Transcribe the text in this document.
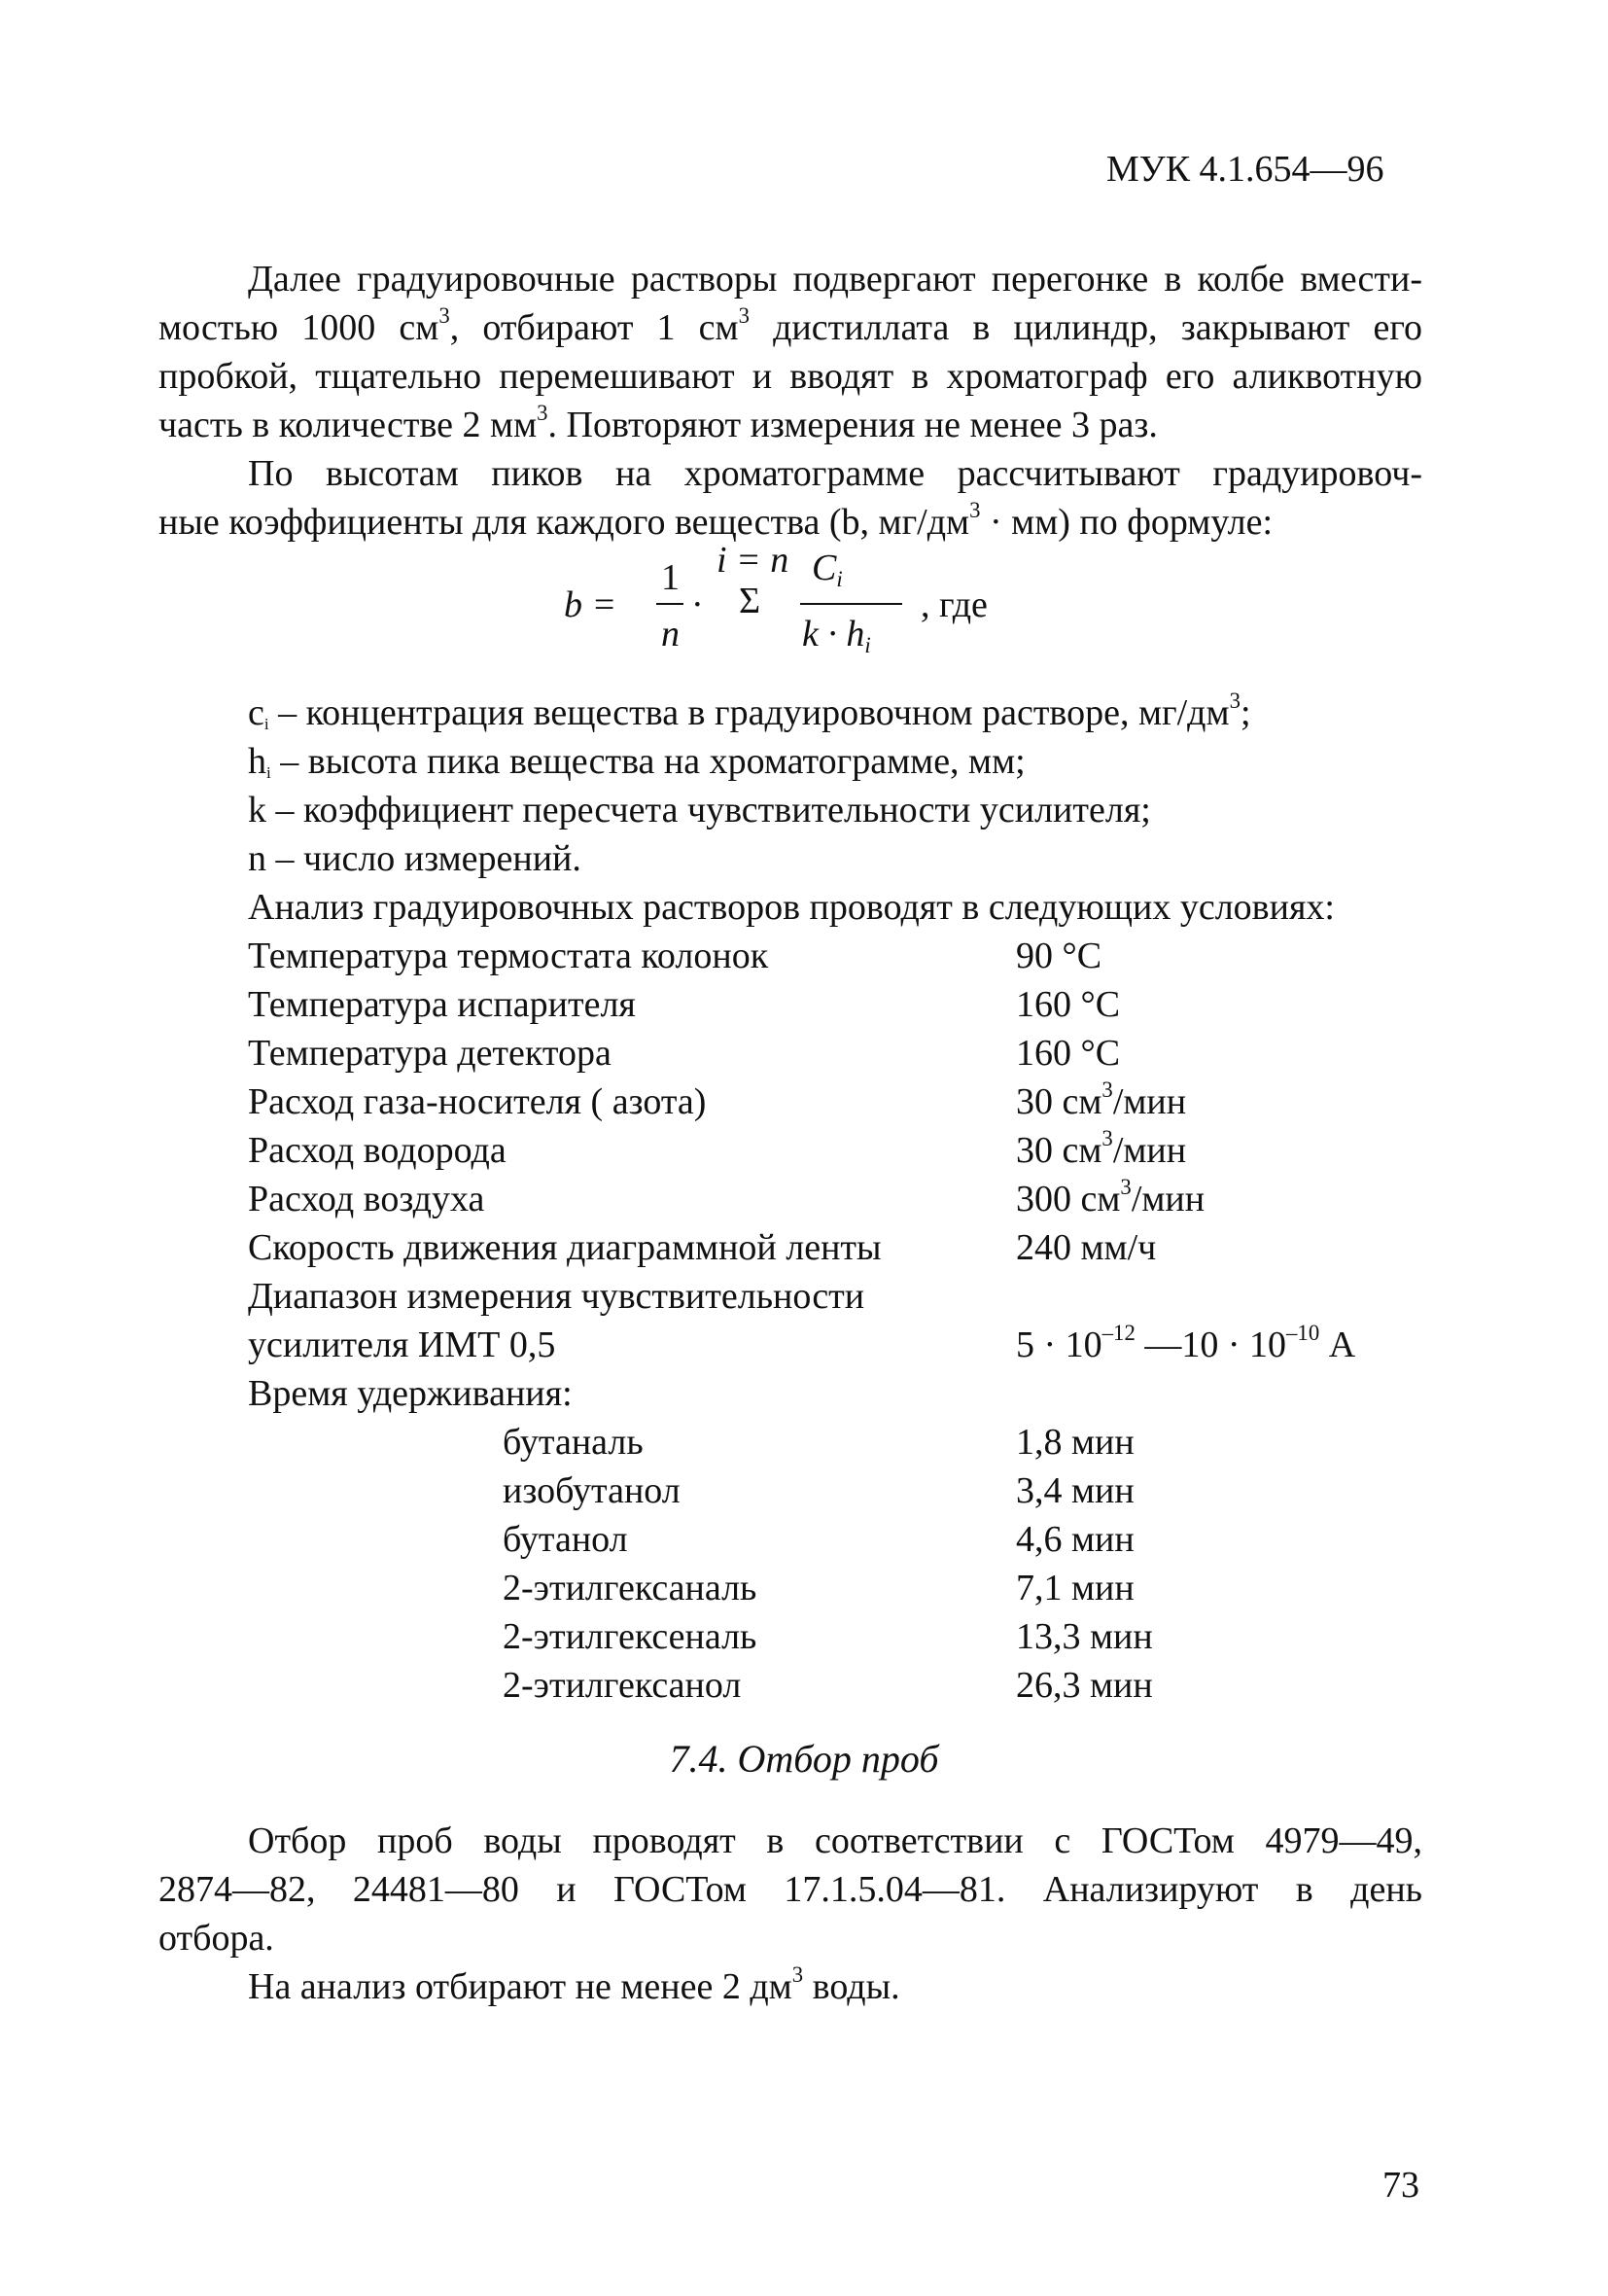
МУК 4.1.654—96
Далее градуировочные растворы подвергают перегонке в колбе вмести-
мостью 1000 $см^3$, отбирают 1 $см^3$ дистиллата в цилиндр, закрывают его
пробкой, тщательно перемешивают и вводят в хроматограф его аликвотную
часть в количестве 2 $мм^3$. Повторяют измерения не менее 3 раз.
По высотам пиков на хроматограмме рассчитывают градуировоч-
ные коэффициенты для каждого вещества (b, $мг/дм^3 \cdot мм$) по формуле:
b =
1
n
·
i = n
Σ
$C_i$
$k \cdot h_i$
, где
$c_i$ – концентрация вещества в градуировочном растворе, $мг/дм^3$;
$h_i$ – высота пика вещества на хроматограмме, мм;
k – коэффициент пересчета чувствительности усилителя;
n – число измерений.
Анализ градуировочных растворов проводят в следующих условиях:
Температура термостата колонок	90 °С
Температура испарителя	160 °С
Температура детектора	160 °С
Расход газа-носителя ( азота)	30 $см^3$/мин
Расход водорода	30 $см^3$/мин
Расход воздуха	300 $см^3$/мин
Скорость движения диаграммной ленты	240 мм/ч
Диапазон измерения чувствительности
усилителя ИМТ 0,5	$5 \cdot 10^{-12}$ —10 · $10^{-10}$ А
Время удерживания:
бутаналь	1,8 мин
изобутанол	3,4 мин
бутанол	4,6 мин
2-этилгексаналь	7,1 мин
2-этилгексеналь	13,3 мин
2-этилгексанол	26,3 мин
7.4. Отбор проб
Отбор проб воды проводят в соответствии с ГОСТом 4979—49,
2874—82, 24481—80 и ГОСТом 17.1.5.04—81. Анализируют в день
отбора.
На анализ отбирают не менее 2 $дм^3$ воды.
73
